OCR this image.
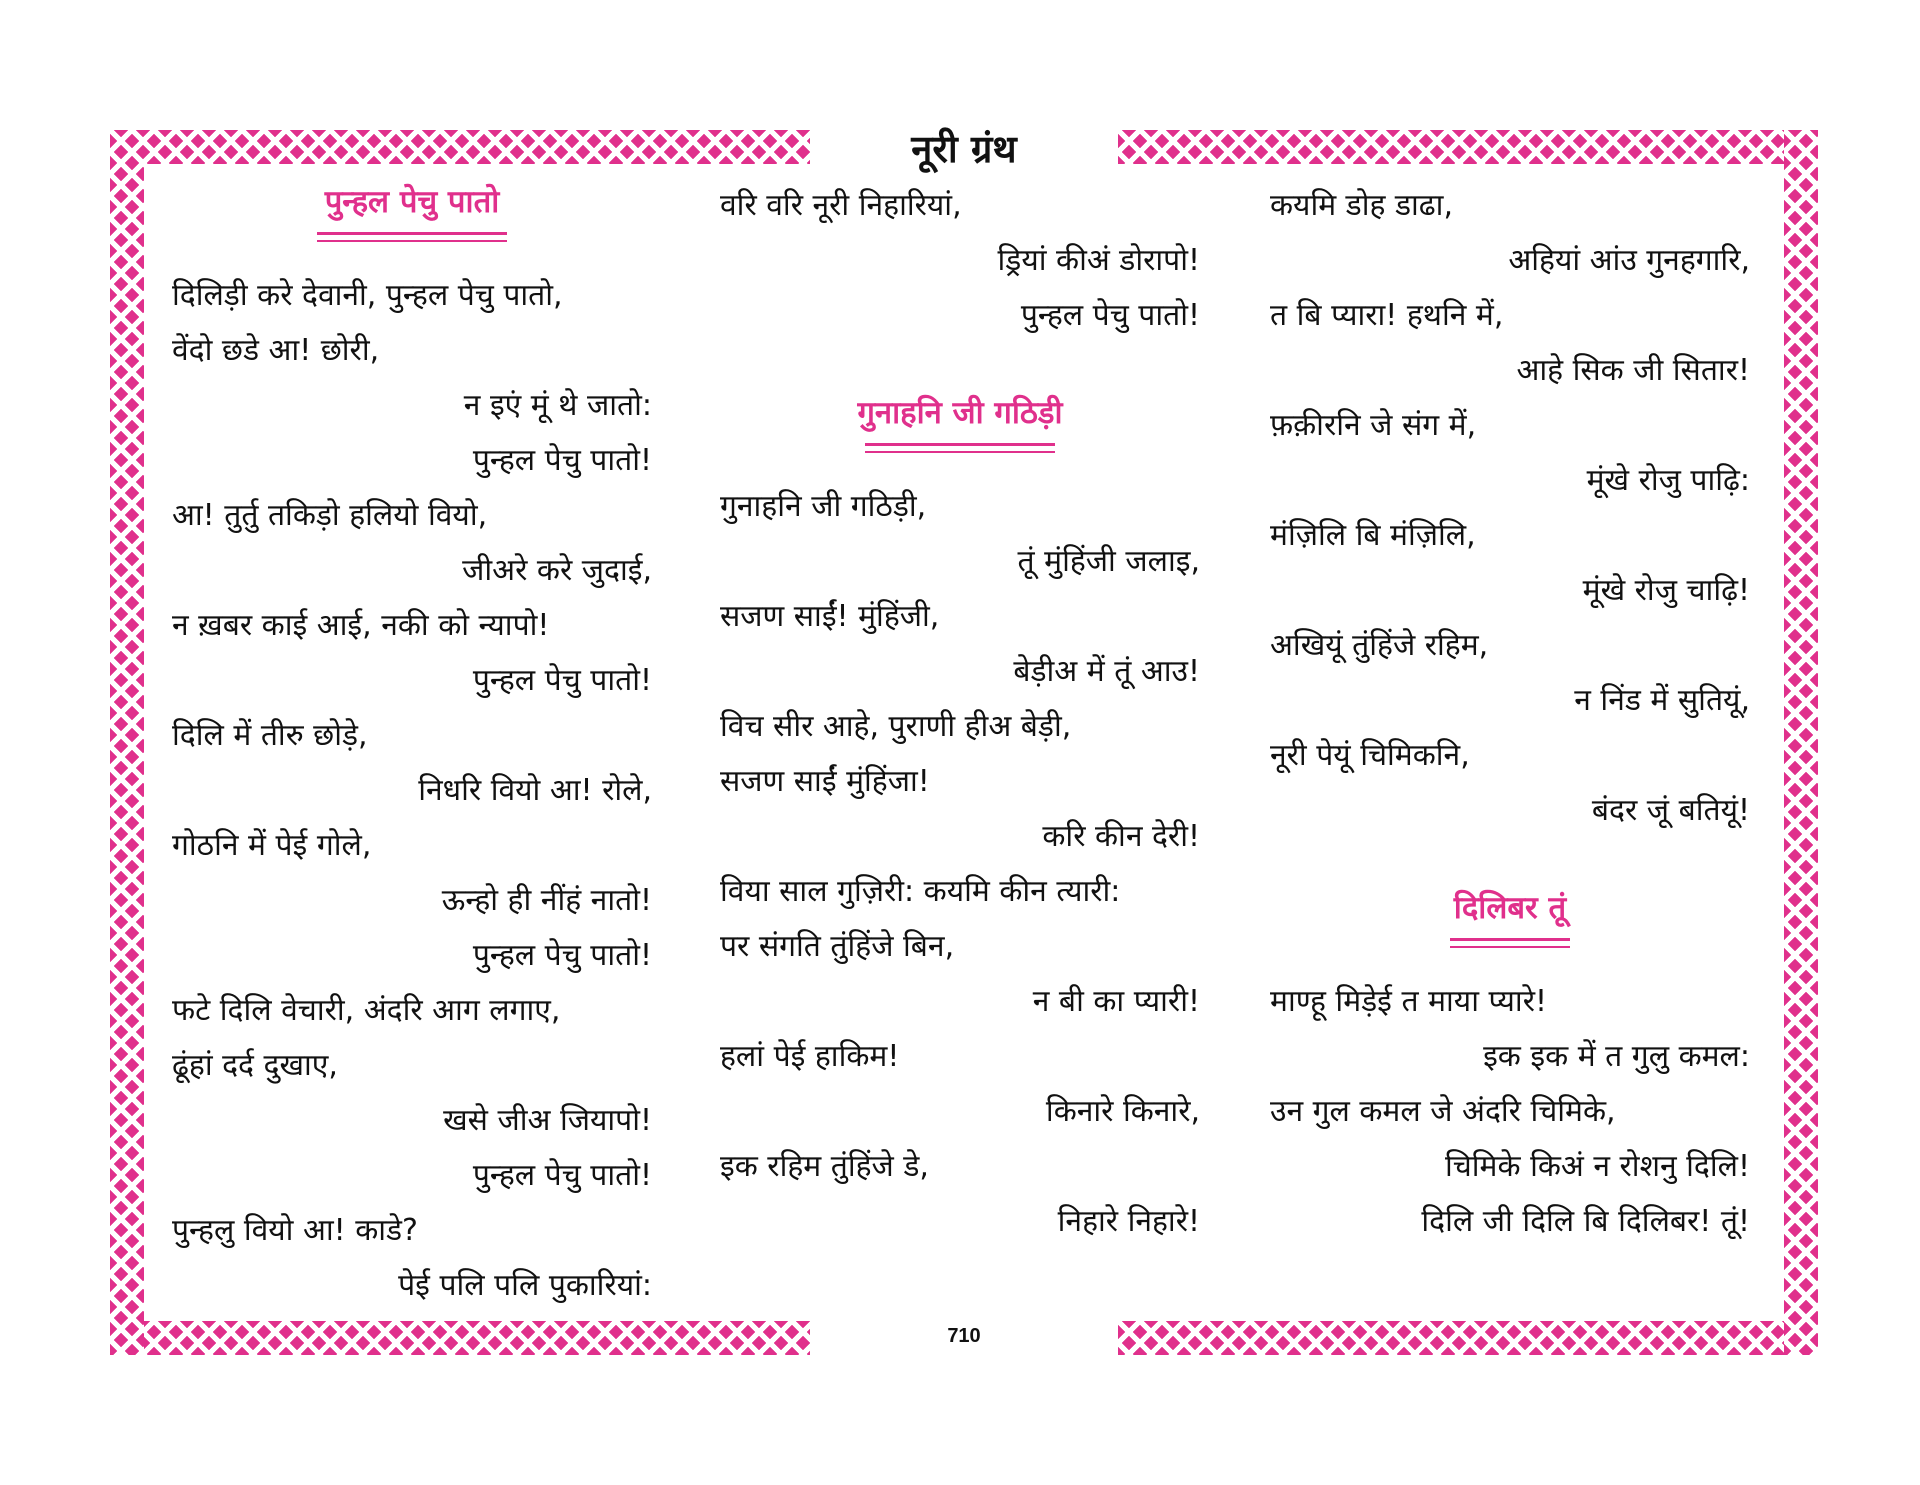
नूरी ग्रंथ
710
पुन्हल पेचु पातो
दिलिड़ी करे देवानी, पुन्हल पेचु पातो,
वेंदो छडे आ! छोरी,
न इएं मूं थे जातो:
पुन्हल पेचु पातो!
आ! तुर्तु तकिड़ो हलियो वियो,
जीअरे करे जुदाई,
न ख़बर काई आई, नकी को न्यापो!
पुन्हल पेचु पातो!
दिलि में तीरु छोड़े,
निधरि वियो आ! रोले,
गोठनि में पेई गोले,
ऊन्हो ही नींहं नातो!
पुन्हल पेचु पातो!
फटे दिलि वेचारी, अंदरि आग लगाए,
ढूंहां दर्द दुखाए,
खसे जीअ जियापो!
पुन्हल पेचु पातो!
पुन्हलु वियो आ! काडे?
पेई पलि पलि पुकारियां:
वरि वरि नूरी निहारियां,
ड्रियां कीअं डोरापो!
पुन्हल पेचु पातो!
गुनाहनि जी गठिड़ी
गुनाहनि जी गठिड़ी,
तूं मुंहिंजी जलाइ,
सजण साईं! मुंहिंजी,
बेड़ीअ में तूं आउ!
विच सीर आहे, पुराणी हीअ बेड़ी,
सजण साईं मुंहिंजा!
करि कीन देरी!
विया साल गुज़िरी: कयमि कीन त्यारी:
पर संगति तुंहिंजे बिन,
न बी का प्यारी!
हलां पेई हाकिम!
किनारे किनारे,
इक रहिम तुंहिंजे डे,
निहारे निहारे!
कयमि डोह डाढा,
अहियां आंउ गुनहगारि,
त बि प्यारा! हथनि में,
आहे सिक जी सितार!
फ़क़ीरनि जे संग में,
मूंखे रोजु पाढ़ि:
मंज़िलि बि मंज़िलि,
मूंखे रोजु चाढ़ि!
अखियूं तुंहिंजे रहिम,
न निंड में सुतियूं,
नूरी पेयूं चिमिकनि,
बंदर जूं बतियूं!
दिलिबर तूं
माण्हू मिड़ेई त माया प्यारे!
इक इक में त गुलु कमल:
उन गुल कमल जे अंदरि चिमिके,
चिमिके किअं न रोशनु दिलि!
दिलि जी दिलि बि दिलिबर! तूं!
